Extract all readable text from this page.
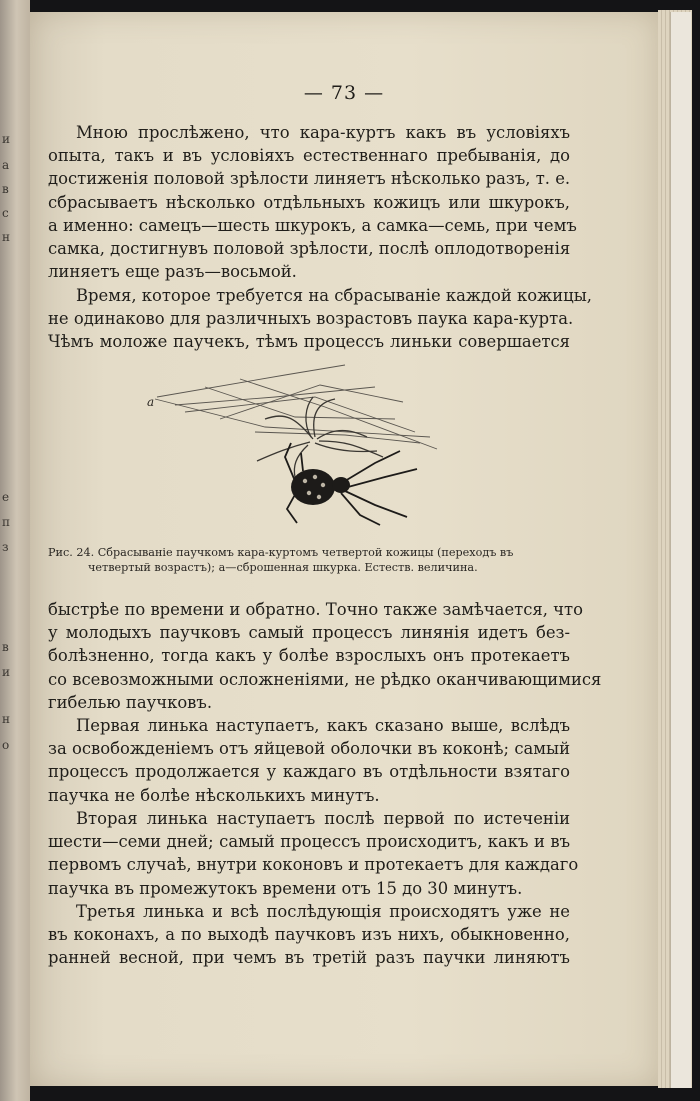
и
а
в
с
н
е
п
з
в
и
н
о
— 73 —
Мною прослѣжено, что кара-куртъ какъ въ условіяхъ
опыта, такъ и въ условіяхъ естественнаго пребыванія, до
достиженія половой зрѣлости линяетъ нѣсколько разъ, т. е.
сбрасываетъ нѣсколько отдѣльныхъ кожицъ или шкурокъ,
а именно: самецъ—шесть шкурокъ, а самка—семь, при чемъ
самка, достигнувъ половой зрѣлости, послѣ оплодотворенія
линяетъ еще разъ—восьмой.
Время, которое требуется на сбрасываніе каждой кожицы,
не одинаково для различныхъ возрастовъ паука кара-курта.
Чѣмъ моложе паучекъ, тѣмъ процессъ линьки совершается
a
Рис. 24. Сбрасываніе паучкомъ кара-куртомъ четвертой кожицы (переходъ въ
четвертый возрастъ); а—сброшенная шкурка. Естеств. величина.
быстрѣе по времени и обратно. Точно также замѣчается, что
у молодыхъ паучковъ самый процессъ линянія идетъ без-
болѣзненно, тогда какъ у болѣе взрослыхъ онъ протекаетъ
со всевозможными осложненіями, не рѣдко оканчивающимися
гибелью паучковъ.
Первая линька наступаетъ, какъ сказано выше, вслѣдъ
за освобожденіемъ отъ яйцевой оболочки въ коконѣ; самый
процессъ продолжается у каждаго въ отдѣльности взятаго
паучка не болѣе нѣсколькихъ минутъ.
Вторая линька наступаетъ послѣ первой по истеченіи
шести—семи дней; самый процессъ происходитъ, какъ и въ
первомъ случаѣ, внутри коконовъ и протекаетъ для каждаго
паучка въ промежутокъ времени отъ 15 до 30 минутъ.
Третья линька и всѣ послѣдующія происходятъ уже не
въ коконахъ, а по выходѣ паучковъ изъ нихъ, обыкновенно,
ранней весной, при чемъ въ третій разъ паучки линяютъ
